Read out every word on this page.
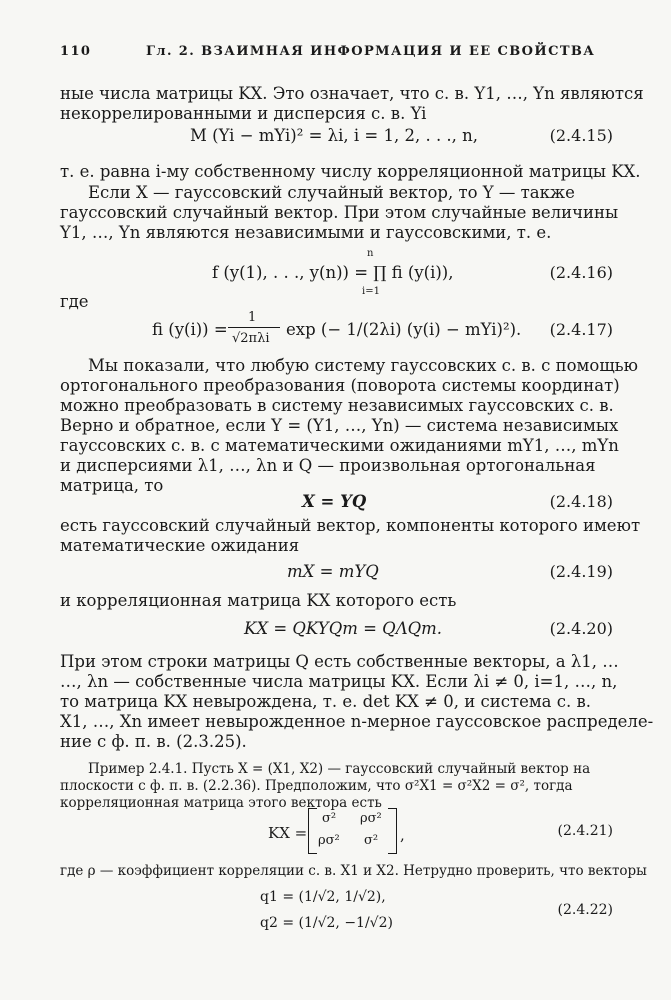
110	Гл. 2. ВЗАИМНАЯ ИНФОРМАЦИЯ И ЕЕ СВОЙСТВА
ные числа матрицы KX. Это означает, что с. в. Y1, …, Yn являются
некоррелированными и дисперсия с. в. Yi
M (Yi − mYi)² = λi, i = 1, 2, . . ., n,	(2.4.15)
т. е. равна i-му собственному числу корреляционной матрицы KX.
Если X — гауссовский случайный вектор, то Y — также
гауссовский случайный вектор. При этом случайные величины
Y1, …, Yn являются независимыми и гауссовскими, т. е.
n
f (y(1), . . ., y(n)) = ∏ fi (y(i)),
i=1
(2.4.16)
где
fi (y(i)) =
1
√2πλi exp (− 1/(2λi) (y(i) − mYi)²). (2.4.17)
Мы показали, что любую систему гауссовских с. в. с помощью
ортогонального преобразования (поворота системы координат)
можно преобразовать в систему независимых гауссовских с. в.
Верно и обратное, если Y = (Y1, …, Yn) — система независимых
гауссовских с. в. с математическими ожиданиями mY1, …, mYn
и дисперсиями λ1, …, λn и Q — произвольная ортогональная
матрица, то
X = YQ	(2.4.18)
есть гауссовский случайный вектор, компоненты которого имеют
математические ожидания
mX = mYQ	(2.4.19)
и корреляционная матрица KX которого есть
KX = QKYQт = QΛQт.	(2.4.20)
При этом строки матрицы Q есть собственные векторы, а λ1, …
…, λn — собственные числа матрицы KX. Если λi ≠ 0, i=1, …, n,
то матрица KX невырождена, т. е. det KX ≠ 0, и система с. в.
X1, …, Xn имеет невырожденное n-мерное гауссовское распределе-
ние с ф. п. в. (2.3.25).
Пример 2.4.1. Пусть X = (X1, X2) — гауссовский случайный вектор на
плоскости с ф. п. в. (2.2.36). Предположим, что σ²X1 = σ²X2 = σ², тогда
корреляционная матрица этого вектора есть
KX =
σ² ρσ²
ρσ² σ² ,	(2.4.21)
где ρ — коэффициент корреляции с. в. X1 и X2. Нетрудно проверить, что векторы
q1 = (1/√2, 1/√2),
q2 = (1/√2, −1/√2)
(2.4.22)
